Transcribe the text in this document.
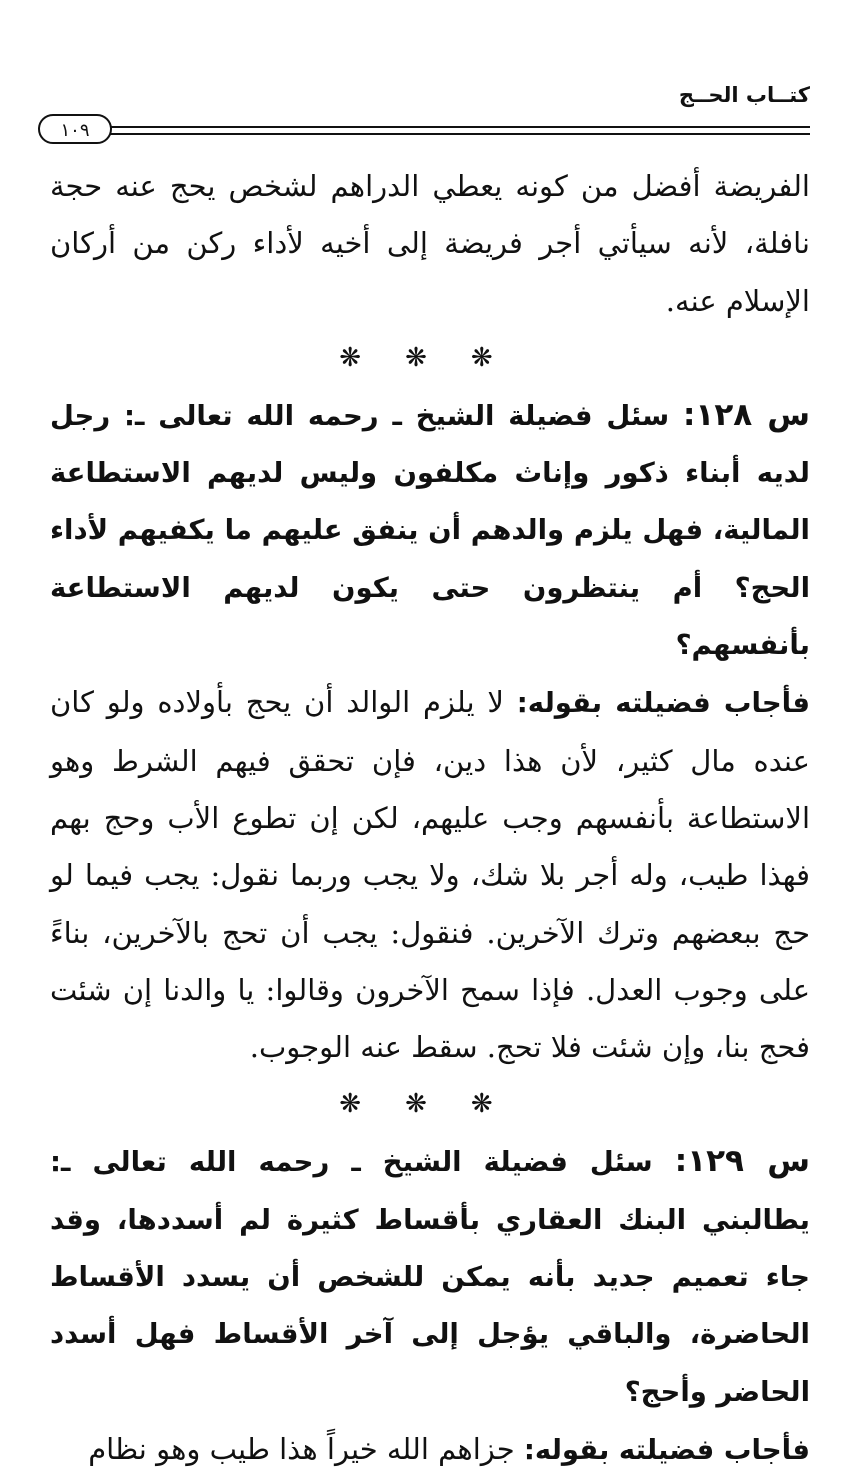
كتــاب الحــج
١٠٩

الفريضة أفضل من كونه يعطي الدراهم لشخص يحج عنه حجة نافلة، لأنه سيأتي أجر فريضة إلى أخيه لأداء ركن من أركان الإسلام عنه.

❋ ❋ ❋

س ١٢٨: سئل فضيلة الشيخ ـ رحمه الله تعالى ـ: رجل لديه أبناء ذكور وإناث مكلفون وليس لديهم الاستطاعة المالية، فهل يلزم والدهم أن ينفق عليهم ما يكفيهم لأداء الحج؟ أم ينتظرون حتى يكون لديهم الاستطاعة بأنفسهم؟

فأجاب فضيلته بقوله: لا يلزم الوالد أن يحج بأولاده ولو كان عنده مال كثير، لأن هذا دين، فإن تحقق فيهم الشرط وهو الاستطاعة بأنفسهم وجب عليهم، لكن إن تطوع الأب وحج بهم فهذا طيب، وله أجر بلا شك، ولا يجب وربما نقول: يجب فيما لو حج ببعضهم وترك الآخرين. فنقول: يجب أن تحج بالآخرين، بناءً على وجوب العدل. فإذا سمح الآخرون وقالوا: يا والدنا إن شئت فحج بنا، وإن شئت فلا تحج. سقط عنه الوجوب.

❋ ❋ ❋

س ١٢٩: سئل فضيلة الشيخ ـ رحمه الله تعالى ـ: يطالبني البنك العقاري بأقساط كثيرة لم أسددها، وقد جاء تعميم جديد بأنه يمكن للشخص أن يسدد الأقساط الحاضرة، والباقي يؤجل إلى آخر الأقساط فهل أسدد الحاضر وأحج؟

فأجاب فضيلته بقوله: جزاهم الله خيراً هذا طيب وهو نظام
